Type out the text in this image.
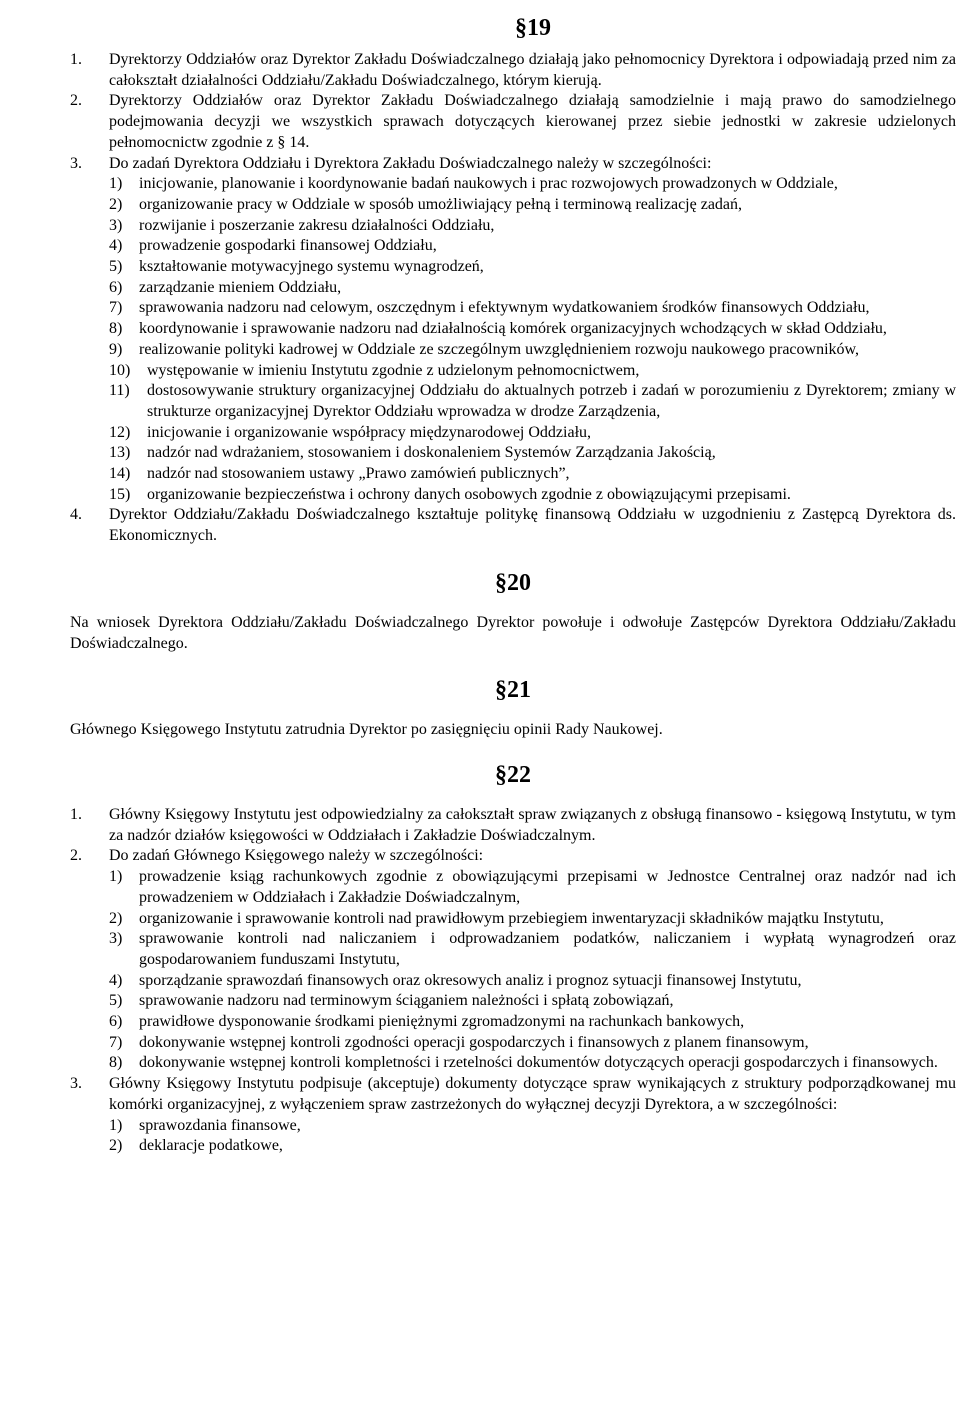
§19
1.	Dyrektorzy Oddziałów oraz Dyrektor Zakładu Doświadczalnego działają jako pełnomocnicy Dyrektora i odpowiadają przed nim za całokształt działalności Oddziału/Zakładu Doświadczalnego, którym kierują.
2.	Dyrektorzy Oddziałów oraz Dyrektor Zakładu Doświadczalnego działają samodzielnie i mają prawo do samodzielnego podejmowania decyzji we wszystkich sprawach dotyczących kierowanej przez siebie jednostki w zakresie udzielonych pełnomocnictw zgodnie z § 14.
3.	Do zadań Dyrektora Oddziału i Dyrektora Zakładu Doświadczalnego należy w szczególności:
1)	inicjowanie, planowanie i koordynowanie badań naukowych i prac rozwojowych prowadzonych w Oddziale,
2)	organizowanie pracy w Oddziale w sposób umożliwiający pełną i terminową realizację zadań,
3)	rozwijanie i poszerzanie zakresu działalności Oddziału,
4)	prowadzenie gospodarki finansowej Oddziału,
5)	kształtowanie motywacyjnego systemu wynagrodzeń,
6)	zarządzanie mieniem Oddziału,
7)	sprawowania nadzoru nad celowym, oszczędnym i efektywnym wydatkowaniem środków finansowych Oddziału,
8)	koordynowanie i sprawowanie nadzoru nad działalnością komórek organizacyjnych wchodzących w skład Oddziału,
9)	realizowanie polityki kadrowej w Oddziale ze szczególnym uwzględnieniem rozwoju naukowego pracowników,
10)	występowanie w imieniu Instytutu zgodnie z udzielonym pełnomocnictwem,
11)	dostosowywanie struktury organizacyjnej Oddziału do aktualnych potrzeb i zadań w porozumieniu z Dyrektorem; zmiany w strukturze organizacyjnej Dyrektor Oddziału wprowadza w drodze Zarządzenia,
12)	inicjowanie i organizowanie współpracy międzynarodowej Oddziału,
13)	nadzór nad wdrażaniem, stosowaniem i doskonaleniem Systemów Zarządzania Jakością,
14)	nadzór nad stosowaniem ustawy „Prawo zamówień publicznych”,
15)	organizowanie bezpieczeństwa i ochrony danych osobowych zgodnie z obowiązującymi przepisami.
4.	Dyrektor Oddziału/Zakładu Doświadczalnego kształtuje politykę finansową Oddziału w uzgodnieniu z Zastępcą Dyrektora ds. Ekonomicznych.
§20
Na wniosek Dyrektora Oddziału/Zakładu Doświadczalnego Dyrektor powołuje i odwołuje Zastępców Dyrektora Oddziału/Zakładu Doświadczalnego.
§21
Głównego Księgowego Instytutu zatrudnia Dyrektor po zasięgnięciu opinii Rady Naukowej.
§22
1.	Główny Księgowy Instytutu jest odpowiedzialny za całokształt spraw związanych z obsługą finansowo - księgową Instytutu, w tym za nadzór działów księgowości w Oddziałach i Zakładzie Doświadczalnym.
2.	Do zadań Głównego Księgowego należy w szczególności:
1)	prowadzenie ksiąg rachunkowych zgodnie z obowiązującymi przepisami w Jednostce Centralnej oraz nadzór nad ich prowadzeniem w Oddziałach i Zakładzie Doświadczalnym,
2)	organizowanie i sprawowanie kontroli nad prawidłowym przebiegiem inwentaryzacji składników majątku Instytutu,
3)	sprawowanie kontroli nad naliczaniem i odprowadzaniem podatków, naliczaniem i wypłatą wynagrodzeń oraz gospodarowaniem funduszami Instytutu,
4)	sporządzanie sprawozdań finansowych oraz okresowych analiz i prognoz sytuacji finansowej Instytutu,
5)	sprawowanie nadzoru nad terminowym ściąganiem należności i spłatą zobowiązań,
6)	prawidłowe dysponowanie środkami pieniężnymi zgromadzonymi na rachunkach bankowych,
7)	dokonywanie wstępnej kontroli zgodności operacji gospodarczych i finansowych z planem finansowym,
8)	dokonywanie wstępnej kontroli kompletności i rzetelności dokumentów dotyczących operacji gospodarczych i finansowych.
3.	Główny Księgowy Instytutu podpisuje (akceptuje) dokumenty dotyczące spraw wynikających z struktury podporządkowanej mu komórki organizacyjnej, z wyłączeniem spraw zastrzeżonych do wyłącznej decyzji Dyrektora, a w szczególności:
1)	sprawozdania finansowe,
2)	deklaracje podatkowe,
